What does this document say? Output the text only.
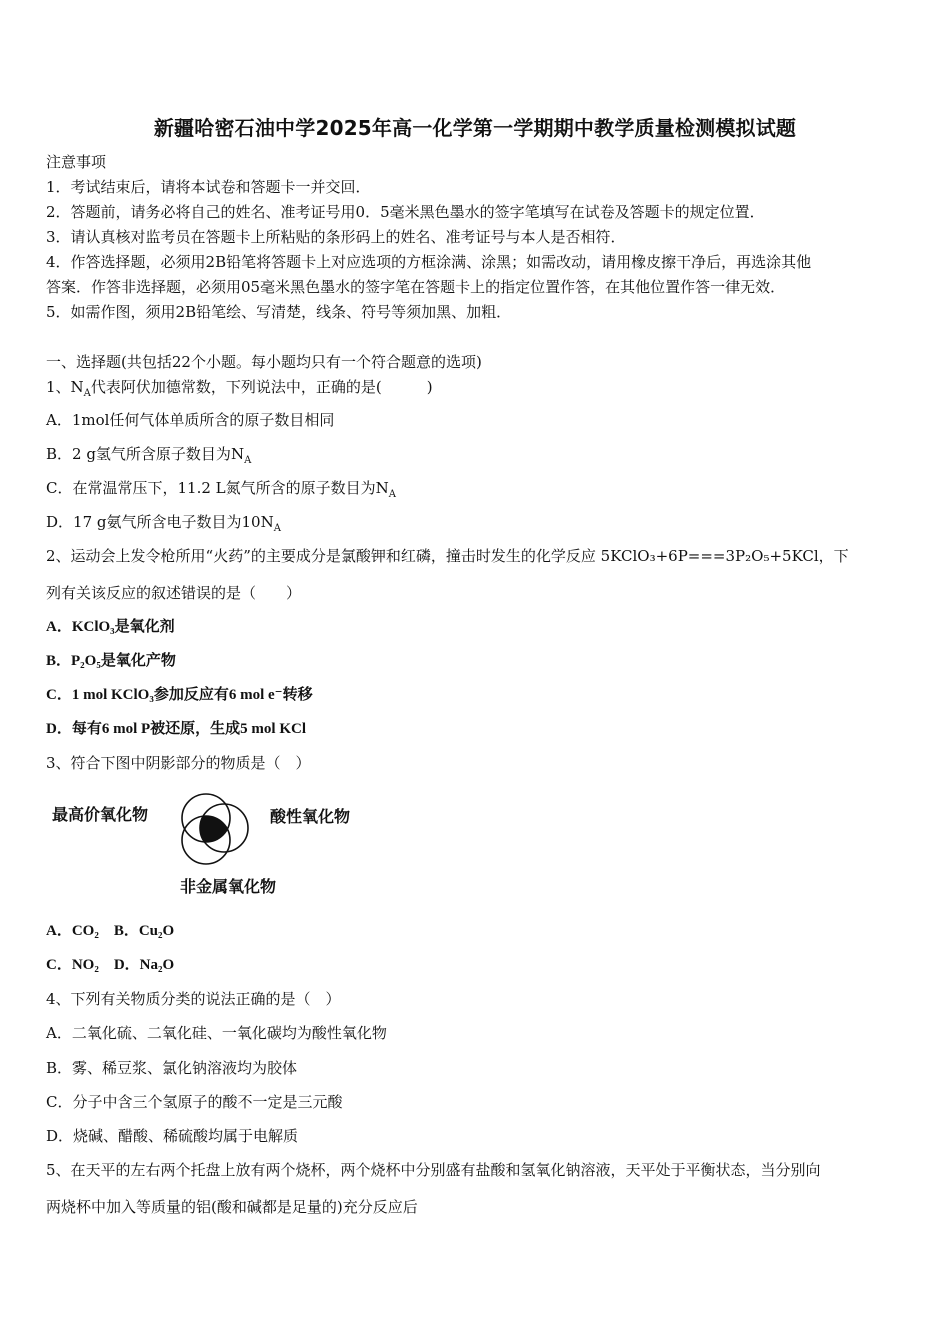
新疆哈密石油中学2025年高一化学第一学期期中教学质量检测模拟试题
注意事项
1．考试结束后，请将本试卷和答题卡一并交回．
2．答题前，请务必将自己的姓名、准考证号用0．5毫米黑色墨水的签字笔填写在试卷及答题卡的规定位置．
3．请认真核对监考员在答题卡上所粘贴的条形码上的姓名、准考证号与本人是否相符．
4．作答选择题，必须用2B铅笔将答题卡上对应选项的方框涂满、涂黑；如需改动，请用橡皮擦干净后，再选涂其他
答案．作答非选择题，必须用05毫米黑色墨水的签字笔在答题卡上的指定位置作答，在其他位置作答一律无效．
5．如需作图，须用2B铅笔绘、写清楚，线条、符号等须加黑、加粗．
一、选择题(共包括22个小题。每小题均只有一个符合题意的选项)
1、$N_A$代表阿伏加德常数，下列说法中，正确的是(　　　)
A．1mol任何气体单质所含的原子数目相同
B．2 g氢气所含原子数目为$N_A$
C．在常温常压下，11.2 L氮气所含的原子数目为$N_A$
D．17 g氨气所含电子数目为$10N_A$
2、运动会上发令枪所用“火药”的主要成分是氯酸钾和红磷，撞击时发生的化学反应 5KClO₃+6P===3P₂O₅+5KCl，下
列有关该反应的叙述错误的是（　　）
A．KClO₃是氧化剂
B．P₂O₅是氧化产物
C．1 mol KClO₃参加反应有6 mol e⁻转移
D．每有6 mol P被还原，生成5 mol KCl
3、符合下图中阴影部分的物质是（　）
最高价氧化物	酸性氧化物
非金属氧化物
A．CO₂　B．Cu₂O
C．NO₂　D．Na₂O
4、下列有关物质分类的说法正确的是（　）
A．二氧化硫、二氧化硅、一氧化碳均为酸性氧化物
B．雾、稀豆浆、氯化钠溶液均为胶体
C．分子中含三个氢原子的酸不一定是三元酸
D．烧碱、醋酸、稀硫酸均属于电解质
5、在天平的左右两个托盘上放有两个烧杯，两个烧杯中分别盛有盐酸和氢氧化钠溶液，天平处于平衡状态，当分别向
两烧杯中加入等质量的铝(酸和碱都是足量的)充分反应后
